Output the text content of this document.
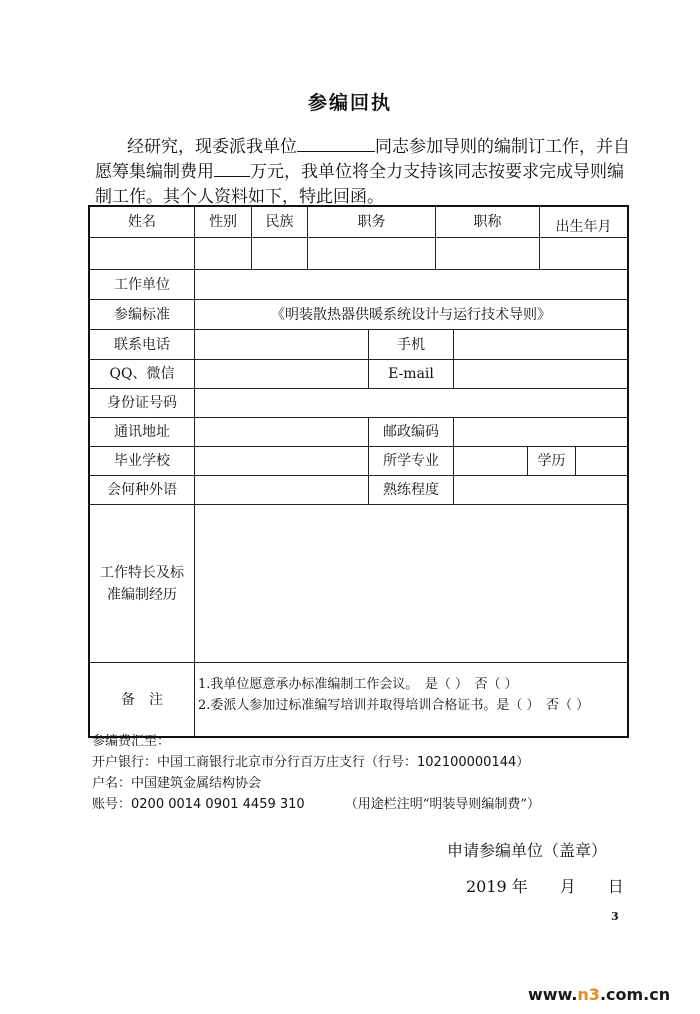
参编回执
经研究，现委派我单位	同志参加导则的编制订工作，并自愿筹集编制费用 万元，我单位将全力支持该同志按要求完成导则编制工作。其个人资料如下，特此回函。
姓名	性别	民族	职务	职称	出生年月
工作单位
参编标准	《明装散热器供暖系统设计与运行技术导则》
联系电话	手机
QQ、微信	E-mail
身份证号码
通讯地址	邮政编码
毕业学校	所学专业	学历
会何种外语	熟练程度
工作特长及标准编制经历
备　注
1.我单位愿意承办标准编制工作会议。　是（ ）　否（ ）
2.委派人参加过标准编写培训并取得培训合格证书。是（ ）　否（ ）
参编费汇至：
开户银行：中国工商银行北京市分行百万庄支行（行号：102100000144）
户名：中国建筑金属结构协会
账号：0200 0014 0901 4459 310	（用途栏注明“明装导则编制费”）
申请参编单位（盖章）
2019 年　　月　　日
3
www.n3.com.cn
